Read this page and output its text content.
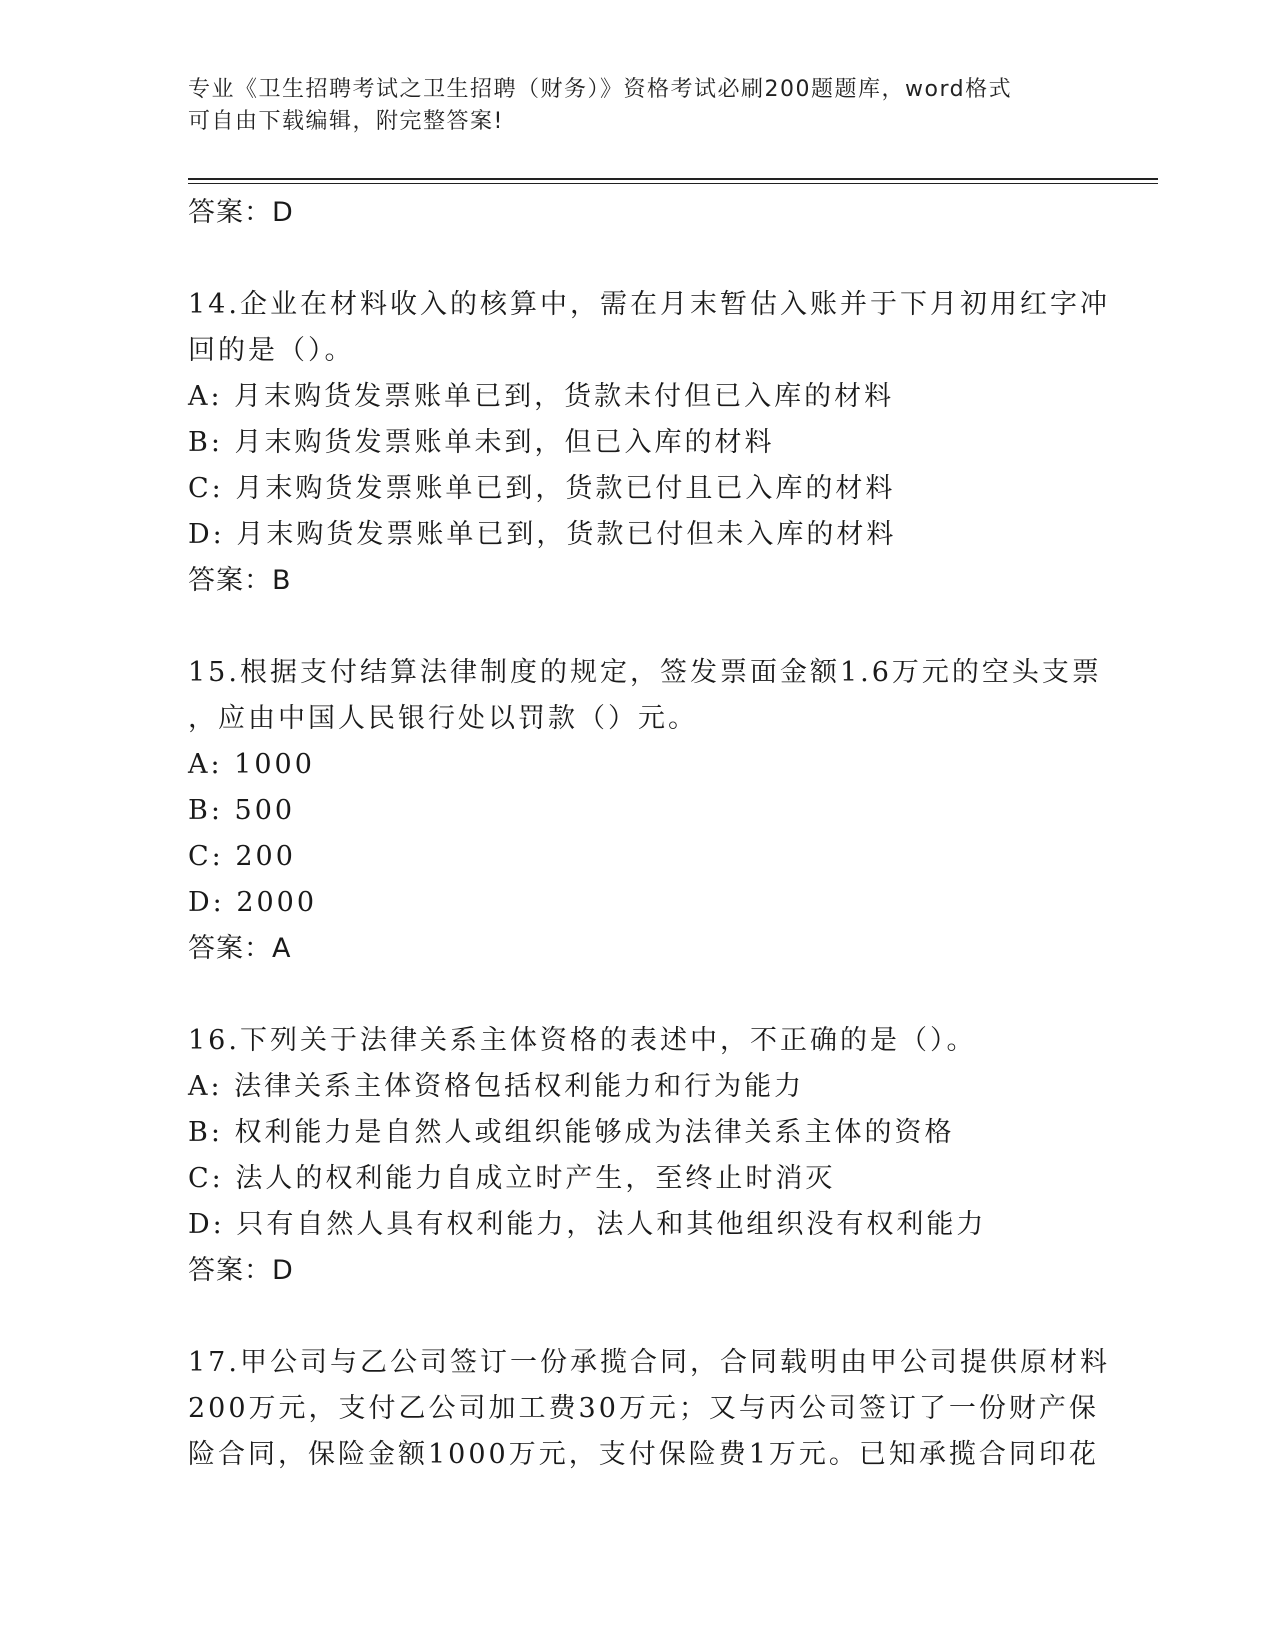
专业《卫生招聘考试之卫生招聘（财务）》资格考试必刷200题题库，word格式
可自由下载编辑，附完整答案!
答案：D
14.企业在材料收入的核算中，需在月末暂估入账并于下月初用红字冲
回的是（）。
A: 月末购货发票账单已到，货款未付但已入库的材料
B: 月末购货发票账单未到，但已入库的材料
C: 月末购货发票账单已到，货款已付且已入库的材料
D: 月末购货发票账单已到，货款已付但未入库的材料
答案：B
15.根据支付结算法律制度的规定，签发票面金额1.6万元的空头支票
，应由中国人民银行处以罚款（）元。
A: 1000
B: 500
C: 200
D: 2000
答案：A
16.下列关于法律关系主体资格的表述中，不正确的是（）。
A: 法律关系主体资格包括权利能力和行为能力
B: 权利能力是自然人或组织能够成为法律关系主体的资格
C: 法人的权利能力自成立时产生，至终止时消灭
D: 只有自然人具有权利能力，法人和其他组织没有权利能力
答案：D
17.甲公司与乙公司签订一份承揽合同，合同载明由甲公司提供原材料
200万元，支付乙公司加工费30万元；又与丙公司签订了一份财产保
险合同，保险金额1000万元，支付保险费1万元。已知承揽合同印花
